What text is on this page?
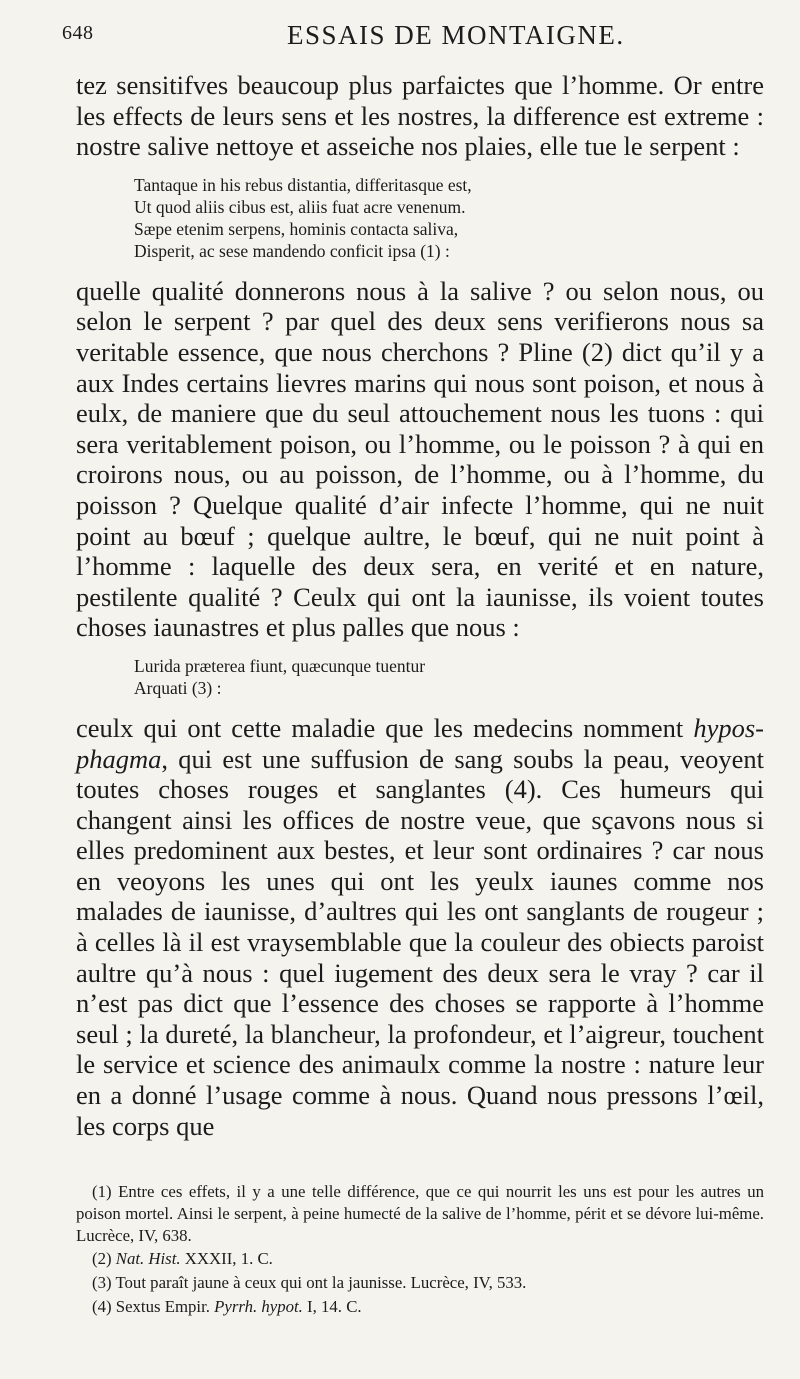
648	ESSAIS DE MONTAIGNE.

tez sensitifves beaucoup plus parfaictes que l’homme. Or entre les effects de leurs sens et les nostres, la difference est extreme : nostre salive nettoye et asseiche nos plaies, elle tue le serpent :

Tantaque in his rebus distantia, differitasque est,
Ut quod aliis cibus est, aliis fuat acre venenum.
Sæpe etenim serpens, hominis contacta saliva,
Disperit, ac sese mandendo conficit ipsa (1) :

quelle qualité donnerons nous à la salive ? ou selon nous, ou selon le serpent ? par quel des deux sens verifierons nous sa veritable essence, que nous cherchons ? Pline (2) dict qu’il y a aux Indes certains lievres marins qui nous sont poison, et nous à eulx, de maniere que du seul attouchement nous les tuons : qui sera veritablement poison, ou l’homme, ou le poisson ? à qui en croirons nous, ou au poisson, de l’homme, ou à l’homme, du poisson ? Quelque qualité d’air infecte l’homme, qui ne nuit point au bœuf ; quelque aultre, le bœuf, qui ne nuit point à l’homme : laquelle des deux sera, en verité et en nature, pestilente qualité ? Ceulx qui ont la iaunisse, ils voient toutes choses iaunastres et plus palles que nous :

Lurida præterea fiunt, quæcunque tuentur
Arquati (3) :

ceulx qui ont cette maladie que les medecins nomment hypos-phagma, qui est une suffusion de sang soubs la peau, veoyent toutes choses rouges et sanglantes (4). Ces humeurs qui changent ainsi les offices de nostre veue, que sçavons nous si elles predominent aux bestes, et leur sont ordinaires ? car nous en veoyons les unes qui ont les yeulx iaunes comme nos malades de iaunisse, d’aultres qui les ont sanglants de rougeur ; à celles là il est vraysemblable que la couleur des obiects paroist aultre qu’à nous : quel iugement des deux sera le vray ? car il n’est pas dict que l’essence des choses se rapporte à l’homme seul ; la dureté, la blancheur, la profondeur, et l’aigreur, touchent le service et science des animaulx comme la nostre : nature leur en a donné l’usage comme à nous. Quand nous pressons l’œil, les corps que

(1) Entre ces effets, il y a une telle différence, que ce qui nourrit les uns est pour les autres un poison mortel. Ainsi le serpent, à peine humecté de la salive de l’homme, périt et se dévore lui-même. Lucrèce, IV, 638.

(2) Nat. Hist. XXXII, 1. C.

(3) Tout paraît jaune à ceux qui ont la jaunisse. Lucrèce, IV, 533.

(4) Sextus Empir. Pyrrh. hypot. I, 14. C.
